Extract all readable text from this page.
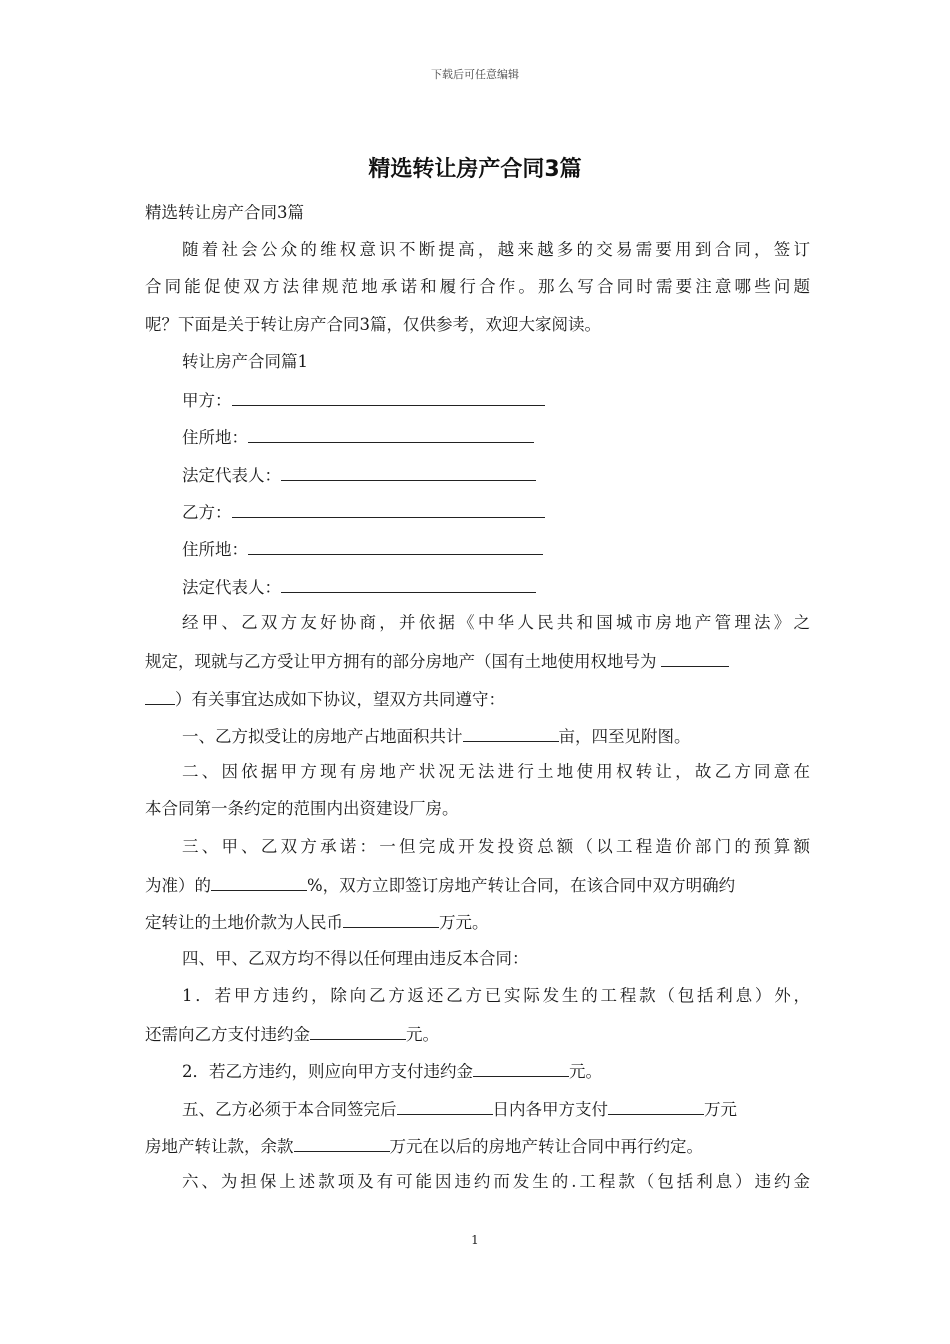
下载后可任意编辑
精选转让房产合同3篇
精选转让房产合同3篇
随着社会公众的维权意识不断提高，越来越多的交易需要用到合同，签订
合同能促使双方法律规范地承诺和履行合作。那么写合同时需要注意哪些问题
呢？下面是关于转让房产合同3篇，仅供参考，欢迎大家阅读。
转让房产合同篇1
甲方：
住所地：
法定代表人：
乙方：
住所地：
法定代表人：
经甲、乙双方友好协商，并依据《中华人民共和国城市房地产管理法》之
规定，现就与乙方受让甲方拥有的部分房地产（国有土地使用权地号为
）有关事宜达成如下协议，望双方共同遵守：
一、乙方拟受让的房地产占地面积共计	亩，四至见附图。
二、因依据甲方现有房地产状况无法进行土地使用权转让，故乙方同意在
本合同第一条约定的范围内出资建设厂房。
三、甲、乙双方承诺：一但完成开发投资总额（以工程造价部门的预算额
为准）的	%，双方立即签订房地产转让合同，在该合同中双方明确约
定转让的土地价款为人民币	万元。
四、甲、乙双方均不得以任何理由违反本合同：
1．若甲方违约，除向乙方返还乙方已实际发生的工程款（包括利息）外，
还需向乙方支付违约金	元。
2．若乙方违约，则应向甲方支付违约金	元。
五、乙方必须于本合同签完后	日内各甲方支付	万元
房地产转让款，余款	万元在以后的房地产转让合同中再行约定。
六、为担保上述款项及有可能因违约而发生的.工程款（包括利息）违约金
1
